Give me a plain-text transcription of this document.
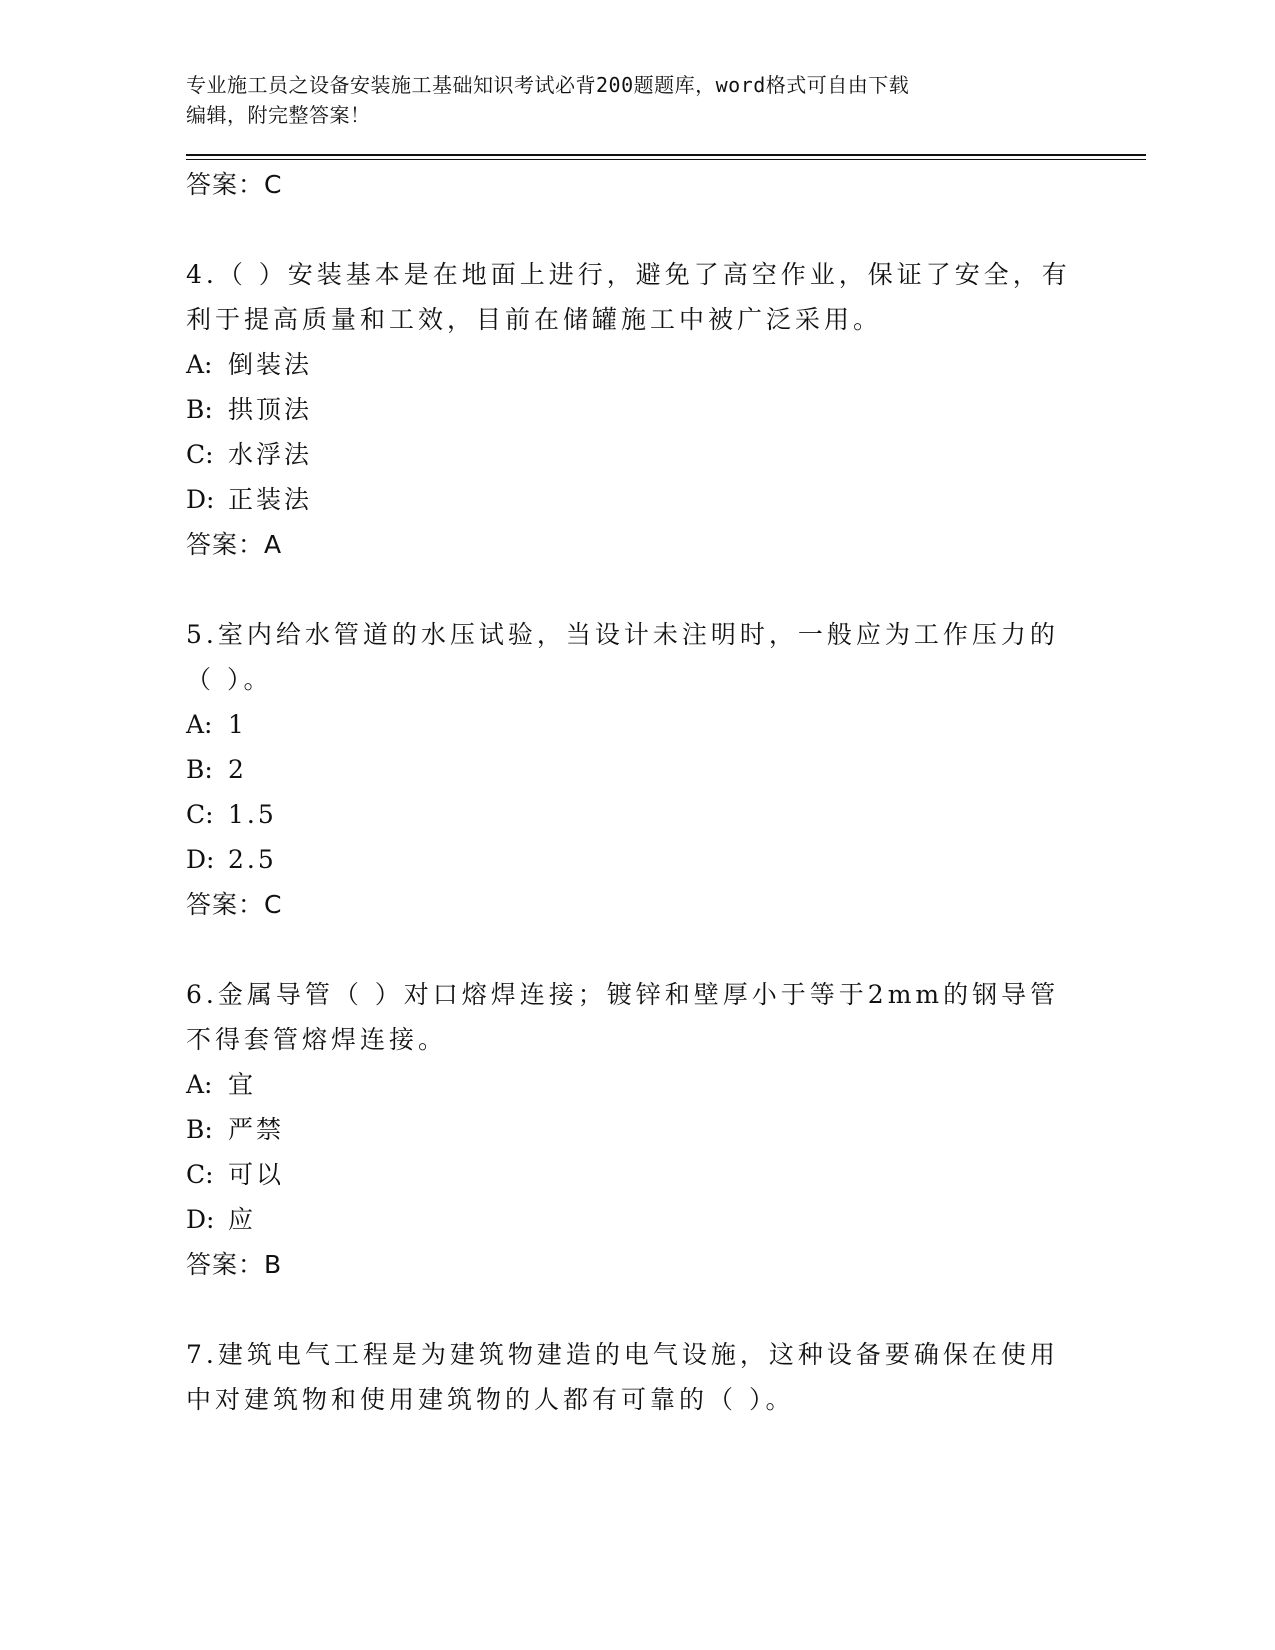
专业施工员之设备安装施工基础知识考试必背200题题库，word格式可自由下载
编辑，附完整答案！
答案：C
4.（ ）安装基本是在地面上进行，避免了高空作业，保证了安全，有利于提高质量和工效，目前在储罐施工中被广泛采用。
A: 倒装法
B: 拱顶法
C: 水浮法
D: 正装法
答案：A
5.室内给水管道的水压试验，当设计未注明时，一般应为工作压力的（ ）。
A: 1
B: 2
C: 1.5
D: 2.5
答案：C
6.金属导管（ ）对口熔焊连接；镀锌和壁厚小于等于2mm的钢导管不得套管熔焊连接。
A: 宜
B: 严禁
C: 可以
D: 应
答案：B
7.建筑电气工程是为建筑物建造的电气设施，这种设备要确保在使用中对建筑物和使用建筑物的人都有可靠的（ ）。
